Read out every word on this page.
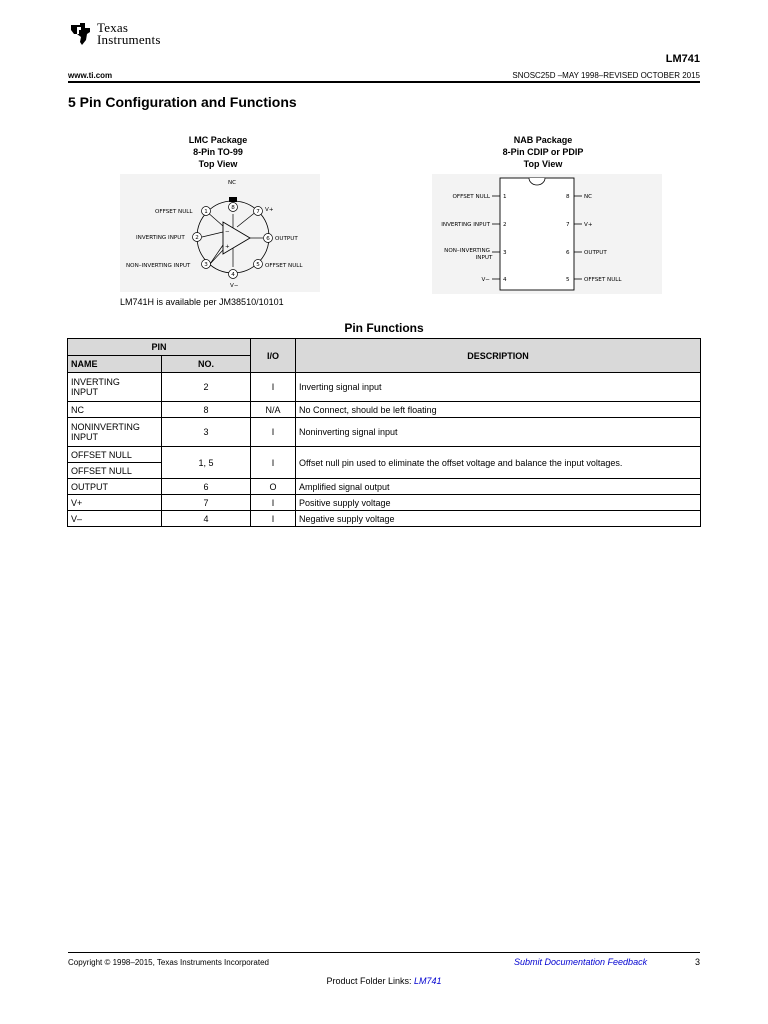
Texas
Instruments
LM741
www.ti.com	SNOSC25D –MAY 1998–REVISED OCTOBER 2015
5 Pin Configuration and Functions
LMC Package
8-Pin TO-99
Top View
NAB Package
8-Pin CDIP or PDIP
Top View
−
+
8
1	7
2	6
3	5
4
NC
OFFSET NULL	V+
INVERTING INPUT	OUTPUT
NON–INVERTING INPUT	OFFSET NULL
V−
LM741H is available per JM38510/10101
1
2
3
4
8
7
6
5
OFFSET NULL
INVERTING INPUT
NON–INVERTING
INPUT
V−
NC
V+
OUTPUT
OFFSET NULL
Pin Functions
PIN		I/O	DESCRIPTION
NAME	NO.		
INVERTING
INPUT	2	I	Inverting signal input
NC	8	N/A	No Connect, should be left floating
NONINVERTING
INPUT	3	I	Noninverting signal input
OFFSET NULL	1, 5	I	Offset null pin used to eliminate the offset voltage and balance the input voltages.
OFFSET NULL			
OUTPUT	6	O	Amplified signal output
V+	7	I	Positive supply voltage
V–	4	I	Negative supply voltage
Copyright © 1998–2015, Texas Instruments Incorporated	Submit Documentation Feedback	3
Product Folder Links: LM741
